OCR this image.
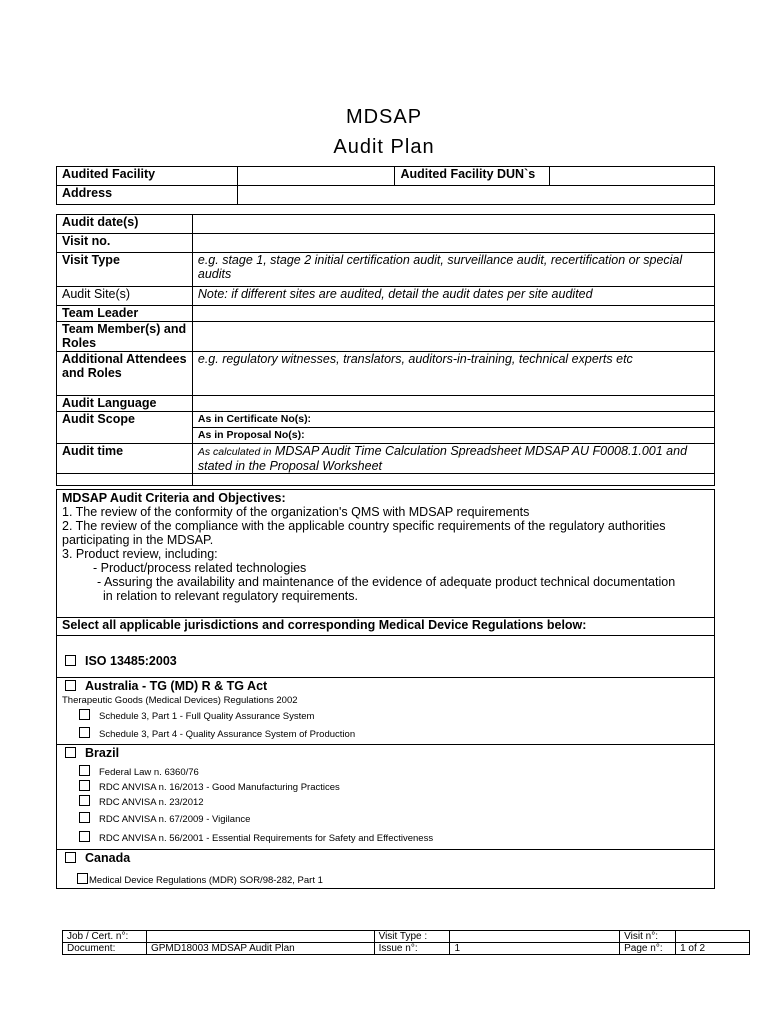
MDSAP
Audit Plan
Audited Facility		Audited Facility DUN`s	
Address			
Audit date(s)	
Visit no.	
Visit Type	e.g. stage 1, stage 2 initial certification audit, surveillance audit, recertification or special audits
Audit Site(s)	Note: if different sites are audited, detail the audit dates per site audited
Team Leader	
Team Member(s) and Roles	
Additional Attendees and Roles	e.g. regulatory witnesses, translators, auditors-in-training, technical experts etc
Audit Language	
Audit Scope	As in Certificate No(s):
	As in Proposal No(s):
Audit time	As calculated in MDSAP Audit Time Calculation Spreadsheet MDSAP AU F0008.1.001 and stated in the Proposal Worksheet

MDSAP Audit Criteria and Objectives:
1. The review of the conformity of the organization's QMS with MDSAP requirements
2. The review of the compliance with the applicable country specific requirements of the regulatory authorities
participating in the MDSAP.
3. Product review, including:
- Product/process related technologies
- Assuring the availability and maintenance of the evidence of adequate product technical documentation
in relation to relevant regulatory requirements.
Select all applicable jurisdictions and corresponding Medical Device Regulations below:
ISO 13485:2003
Australia - TG (MD) R & TG Act
Therapeutic Goods (Medical Devices) Regulations 2002
Schedule 3, Part 1 - Full Quality Assurance System
Schedule 3, Part 4 - Quality Assurance System of Production
Brazil
Federal Law n. 6360/76
RDC ANVISA n. 16/2013 - Good Manufacturing Practices
RDC ANVISA n. 23/2012
RDC ANVISA n. 67/2009 - Vigilance
RDC ANVISA n. 56/2001 - Essential Requirements for Safety and Effectiveness
Canada
Medical Device Regulations (MDR) SOR/98-282, Part 1
Job / Cert. n°:		Visit Type :		Visit n°:	
Document:	GPMD18003 MDSAP Audit Plan	Issue n°:	1	Page n°:	1 of 2
